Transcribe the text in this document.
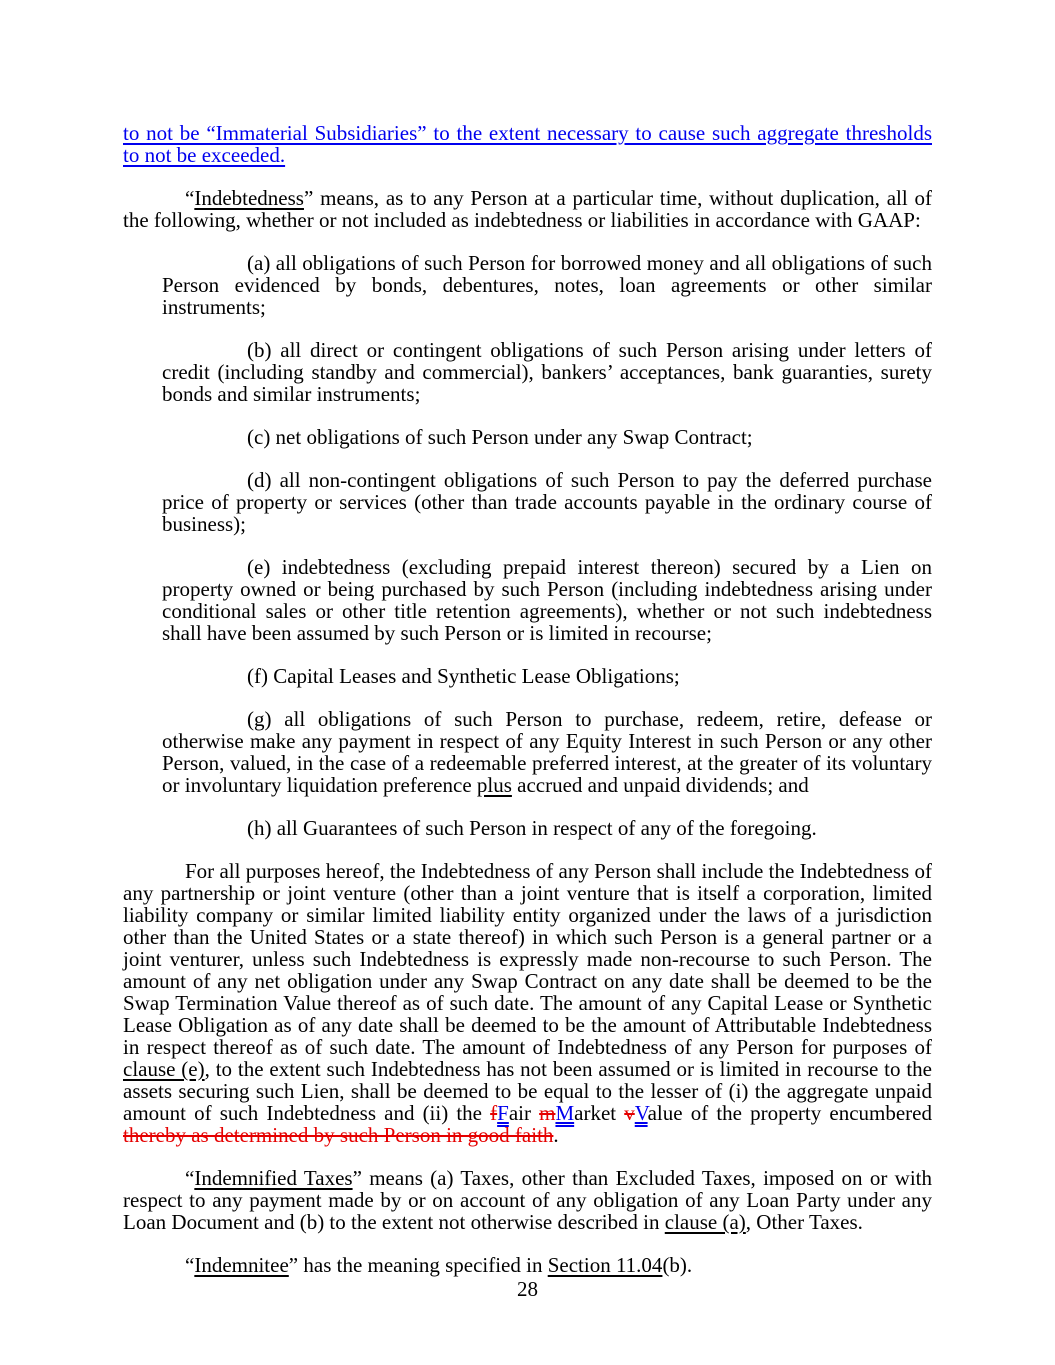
to not be “Immaterial Subsidiaries” to the extent necessary to cause such aggregate thresholds to not be exceeded.

“Indebtedness” means, as to any Person at a particular time, without duplication, all of the following, whether or not included as indebtedness or liabilities in accordance with GAAP:

(a) all obligations of such Person for borrowed money and all obligations of such Person evidenced by bonds, debentures, notes, loan agreements or other similar instruments;

(b) all direct or contingent obligations of such Person arising under letters of credit (including standby and commercial), bankers’ acceptances, bank guaranties, surety bonds and similar instruments;

(c) net obligations of such Person under any Swap Contract;

(d) all non-contingent obligations of such Person to pay the deferred purchase price of property or services (other than trade accounts payable in the ordinary course of business);

(e) indebtedness (excluding prepaid interest thereon) secured by a Lien on property owned or being purchased by such Person (including indebtedness arising under conditional sales or other title retention agreements), whether or not such indebtedness shall have been assumed by such Person or is limited in recourse;

(f) Capital Leases and Synthetic Lease Obligations;

(g) all obligations of such Person to purchase, redeem, retire, defease or otherwise make any payment in respect of any Equity Interest in such Person or any other Person, valued, in the case of a redeemable preferred interest, at the greater of its voluntary or involuntary liquidation preference plus accrued and unpaid dividends; and

(h) all Guarantees of such Person in respect of any of the foregoing.

For all purposes hereof, the Indebtedness of any Person shall include the Indebtedness of any partnership or joint venture (other than a joint venture that is itself a corporation, limited liability company or similar limited liability entity organized under the laws of a jurisdiction other than the United States or a state thereof) in which such Person is a general partner or a joint venturer, unless such Indebtedness is expressly made non-recourse to such Person. The amount of any net obligation under any Swap Contract on any date shall be deemed to be the Swap Termination Value thereof as of such date. The amount of any Capital Lease or Synthetic Lease Obligation as of any date shall be deemed to be the amount of Attributable Indebtedness in respect thereof as of such date. The amount of Indebtedness of any Person for purposes of clause (e), to the extent such Indebtedness has not been assumed or is limited in recourse to the assets securing such Lien, shall be deemed to be equal to the lesser of (i) the aggregate unpaid amount of such Indebtedness and (ii) the fFair mMarket vValue of the property encumbered thereby as determined by such Person in good faith.

“Indemnified Taxes” means (a) Taxes, other than Excluded Taxes, imposed on or with respect to any payment made by or on account of any obligation of any Loan Party under any Loan Document and (b) to the extent not otherwise described in clause (a), Other Taxes.

“Indemnitee” has the meaning specified in Section 11.04(b).

28
